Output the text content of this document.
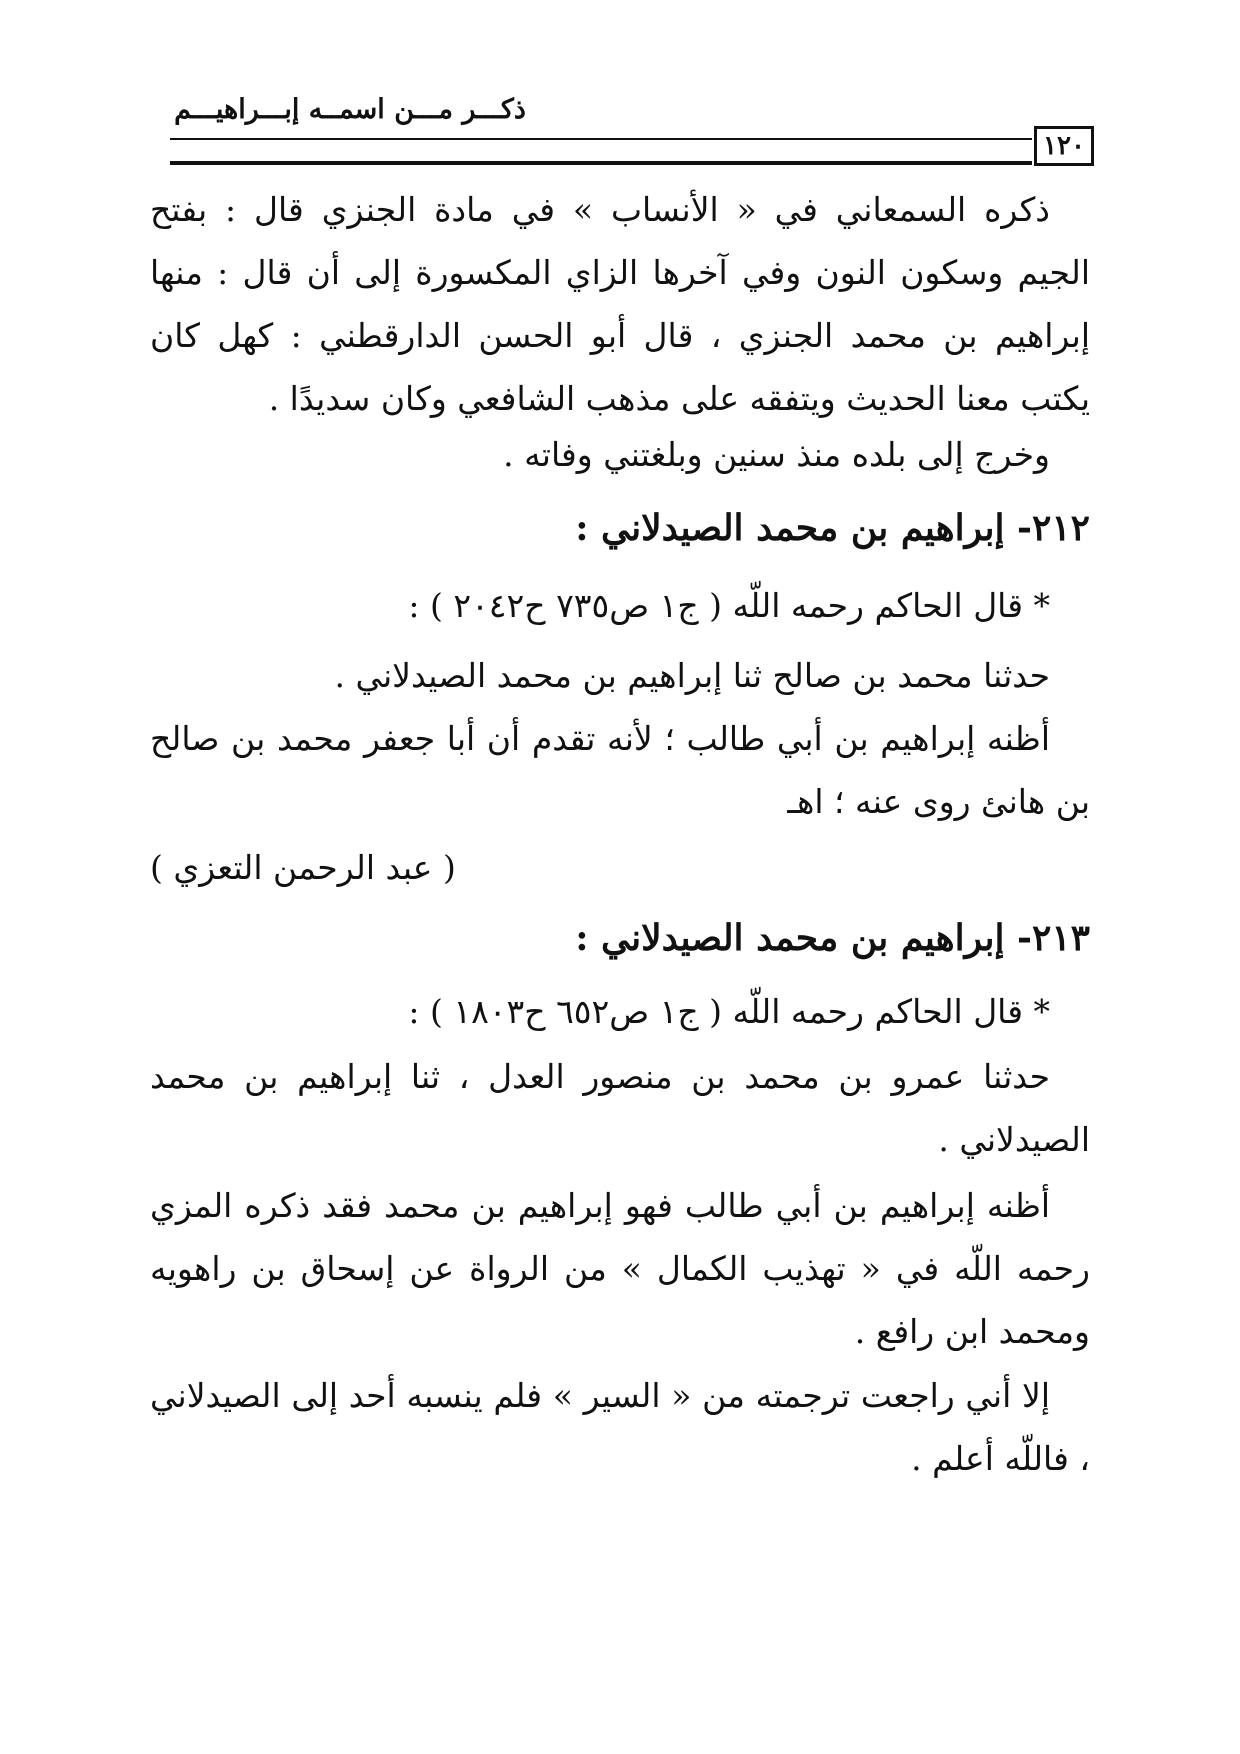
ذكـــر مـــن اسمــه إبـــراهيـــم
١٢٠

ذكره السمعاني في « الأنساب » في مادة الجنزي قال : بفتح الجيم وسكون النون وفي آخرها الزاي المكسورة إلى أن قال : منها إبراهيم بن محمد الجنزي ، قال أبو الحسن الدارقطني : كهل كان يكتب معنا الحديث ويتفقه على مذهب الشافعي وكان سديدًا .

وخرج إلى بلده منذ سنين وبلغتني وفاته .

٢١٢- إبراهيم بن محمد الصيدلاني :

* قال الحاكم رحمه اللّه ( ج١ ص٧٣٥ ح٢٠٤٢ ) :

حدثنا محمد بن صالح ثنا إبراهيم بن محمد الصيدلاني .

أظنه إبراهيم بن أبي طالب ؛ لأنه تقدم أن أبا جعفر محمد بن صالح بن هانئ روى عنه ؛ اهـ

( عبد الرحمن التعزي )

٢١٣- إبراهيم بن محمد الصيدلاني :

* قال الحاكم رحمه اللّه ( ج١ ص٦٥٢ ح١٨٠٣ ) :

حدثنا عمرو بن محمد بن منصور العدل ، ثنا إبراهيم بن محمد الصيدلاني .

أظنه إبراهيم بن أبي طالب فهو إبراهيم بن محمد فقد ذكره المزي رحمه اللّه في « تهذيب الكمال » من الرواة عن إسحاق بن راهويه ومحمد ابن رافع .

إلا أني راجعت ترجمته من « السير » فلم ينسبه أحد إلى الصيدلاني ، فاللّه أعلم .
